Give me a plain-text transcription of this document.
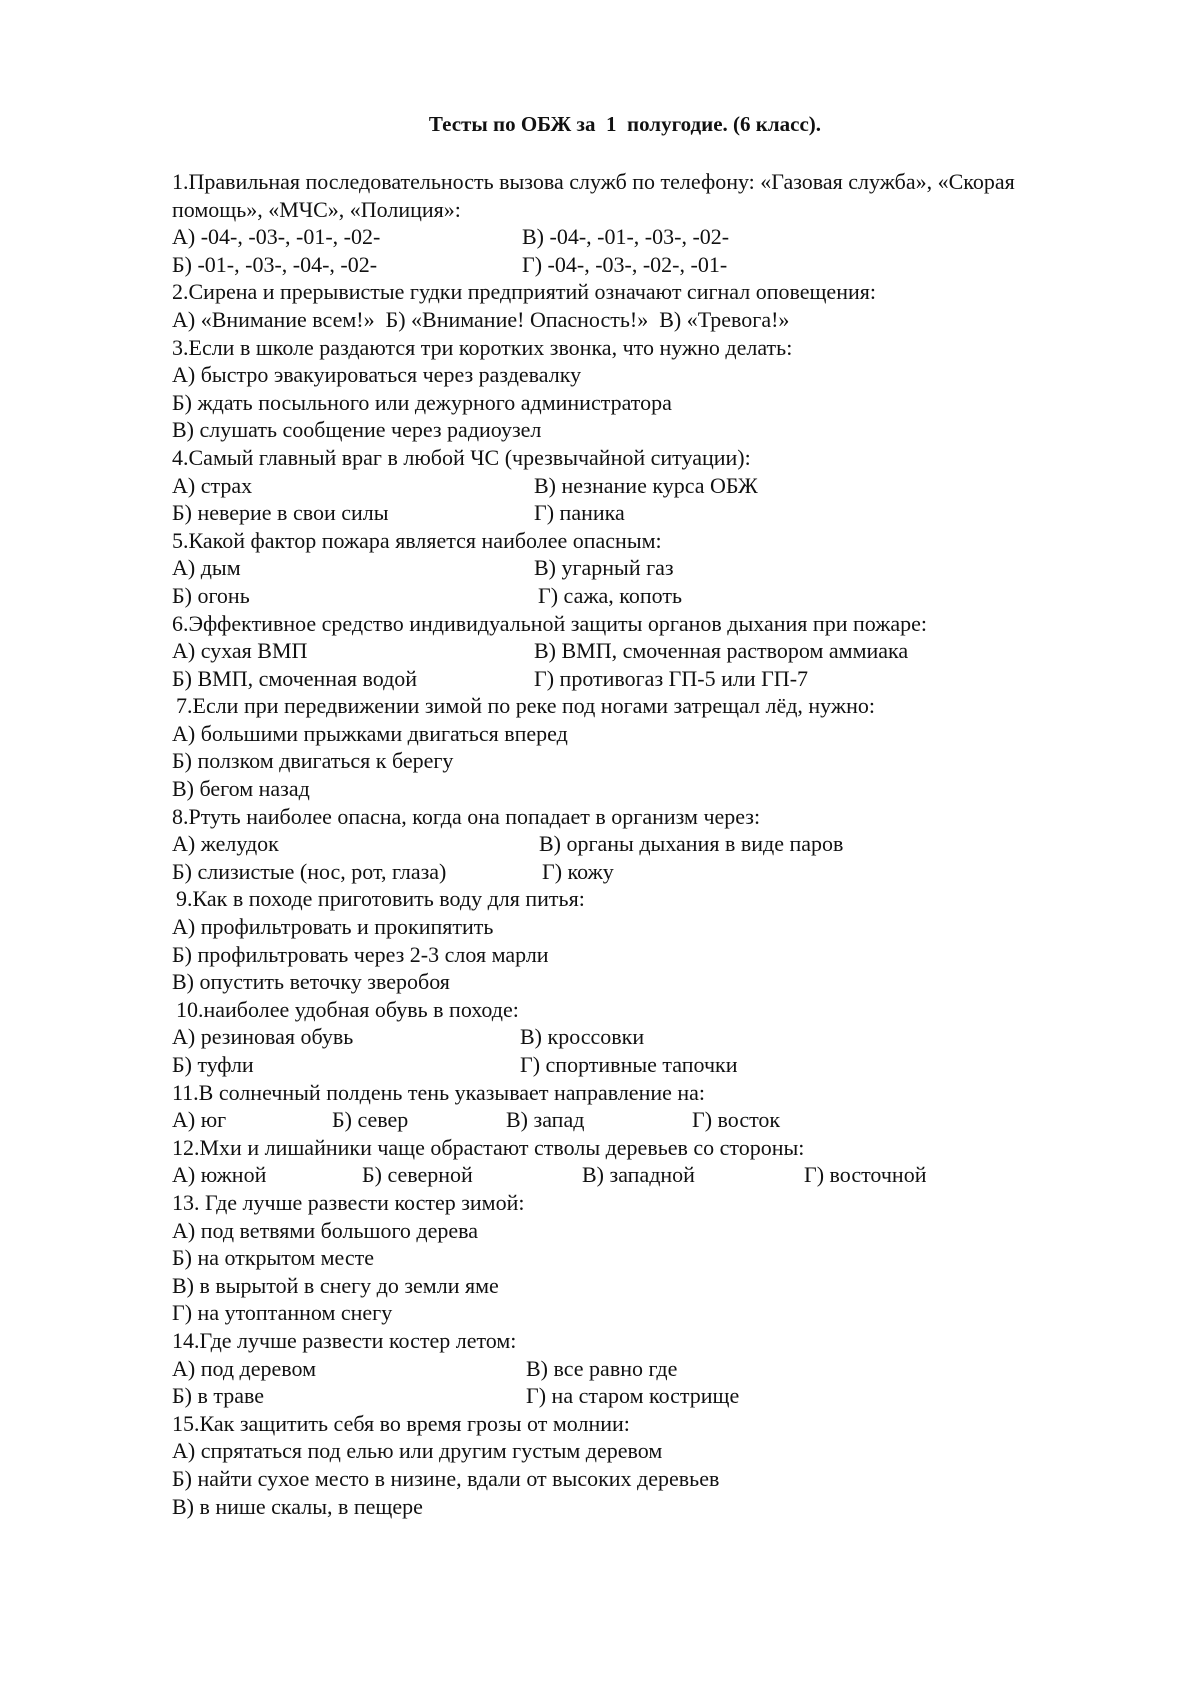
Тесты по ОБЖ за  1  полугодие. (6 класс).
1.Правильная последовательность вызова служб по телефону: «Газовая служба», «Скорая
помощь», «МЧС», «Полиция»:
А) -04-, -03-, -01-, -02-	В) -04-, -01-, -03-, -02-
Б) -01-, -03-, -04-, -02-	Г) -04-, -03-, -02-, -01-
2.Сирена и прерывистые гудки предприятий означают сигнал оповещения:
А) «Внимание всем!»  Б) «Внимание! Опасность!»  В) «Тревога!»
3.Если в школе раздаются три коротких звонка, что нужно делать:
А) быстро эвакуироваться через раздевалку
Б) ждать посыльного или дежурного администратора
В) слушать сообщение через радиоузел
4.Самый главный враг в любой ЧС (чрезвычайной ситуации):
А) страх	В) незнание курса ОБЖ
Б) неверие в свои силы	Г) паника
5.Какой фактор пожара является наиболее опасным:
А) дым	В) угарный газ
Б) огонь	Г) сажа, копоть
6.Эффективное средство индивидуальной защиты органов дыхания при пожаре:
А) сухая ВМП	В) ВМП, смоченная раствором аммиака
Б) ВМП, смоченная водой	Г) противогаз ГП-5 или ГП-7
7.Если при передвижении зимой по реке под ногами затрещал лёд, нужно:
А) большими прыжками двигаться вперед
Б) ползком двигаться к берегу
В) бегом назад
8.Ртуть наиболее опасна, когда она попадает в организм через:
А) желудок	В) органы дыхания в виде паров
Б) слизистые (нос, рот, глаза)	Г) кожу
9.Как в походе приготовить воду для питья:
А) профильтровать и прокипятить
Б) профильтровать через 2-3 слоя марли
В) опустить веточку зверобоя
10.наиболее удобная обувь в походе:
А) резиновая обувь	В) кроссовки
Б) туфли	Г) спортивные тапочки
11.В солнечный полдень тень указывает направление на:
А) юг	Б) север	В) запад	Г) восток
12.Мхи и лишайники чаще обрастают стволы деревьев со стороны:
А) южной	Б) северной	В) западной	Г) восточной
13. Где лучше развести костер зимой:
А) под ветвями большого дерева
Б) на открытом месте
В) в вырытой в снегу до земли яме
Г) на утоптанном снегу
14.Где лучше развести костер летом:
А) под деревом	В) все равно где
Б) в траве	Г) на старом кострище
15.Как защитить себя во время грозы от молнии:
А) спрятаться под елью или другим густым деревом
Б) найти сухое место в низине, вдали от высоких деревьев
В) в нише скалы, в пещере
